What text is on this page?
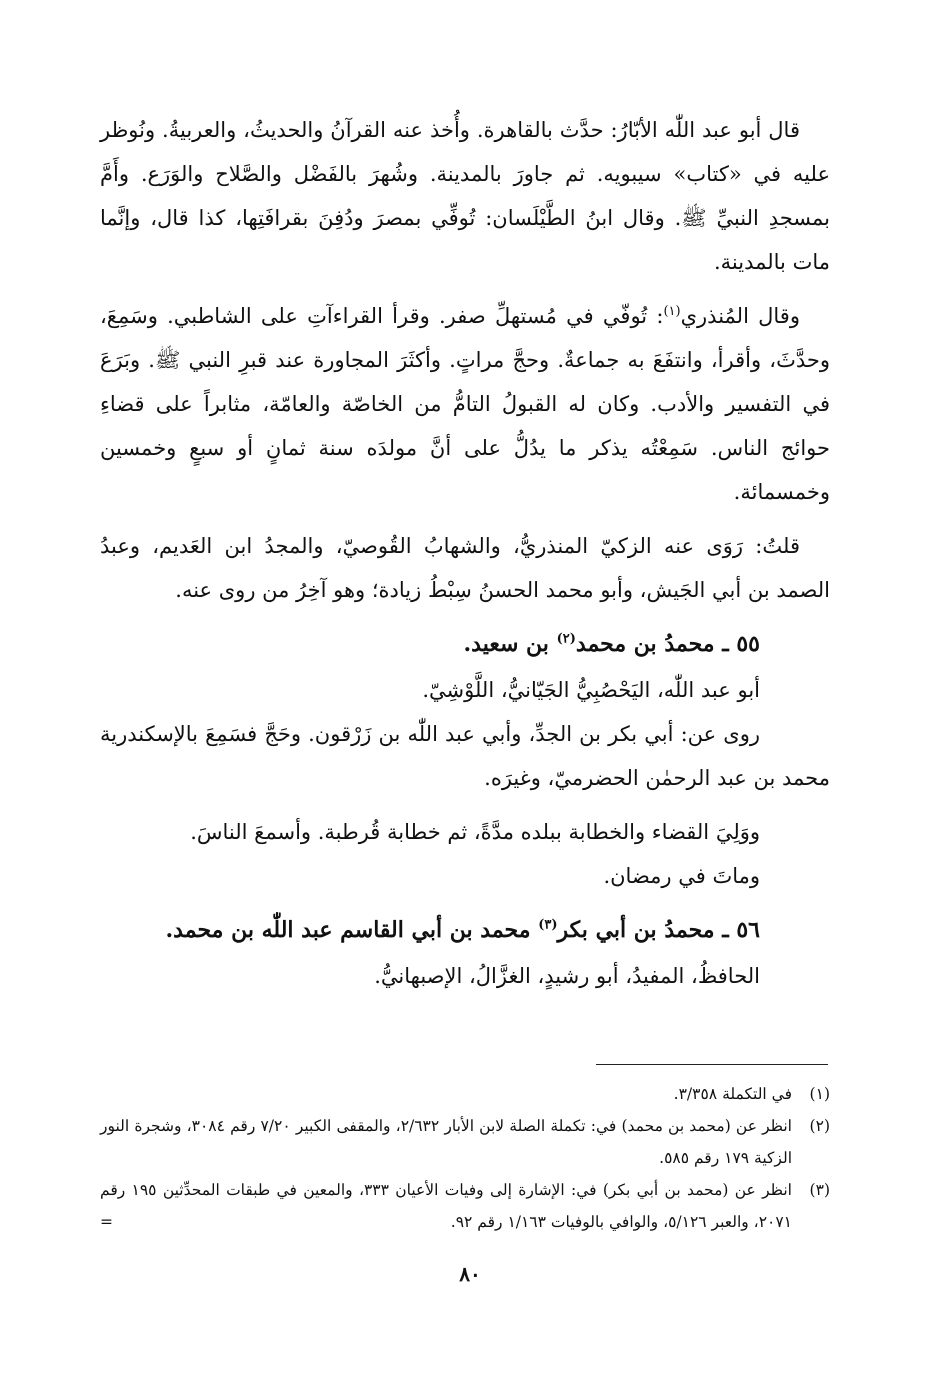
قال أبو عبد اللّٰه الأبّارُ: حدَّث بالقاهرة. وأُخذ عنه القرآنُ والحديثُ، والعربيةُ. ونُوظر عليه في «كتاب» سيبويه. ثم جاورَ بالمدينة. وشُهرَ بالفَضْل والصَّلاح والوَرَع. وأَمَّ بمسجدِ النبيِّ ﷺ. وقال ابنُ الطَّيْلَسان: تُوفِّي بمصرَ ودُفِنَ بقرافَتِها، كذا قال، وإنَّما مات بالمدينة.

وقال المُنذري$^{(١)}$: تُوفّي في مُستهلِّ صفر. وقرأ القراءآتِ على الشاطبي. وسَمِعَ، وحدَّثَ، وأقرأ، وانتفَعَ به جماعةٌ. وحجَّ مراتٍ. وأكثَرَ المجاورة عند قبرِ النبي ﷺ. وبَرَعَ في التفسير والأدب. وكان له القبولُ التامُّ من الخاصّة والعامّة، مثابراً على قضاءِ حوائج الناس. سَمِعْتُه يذكر ما يدُلُّ على أنَّ مولدَه سنة ثمانٍ أو سبعٍ وخمسين وخمسمائة.

قلتُ: رَوَى عنه الزكيّ المنذريُّ، والشهابُ القُوصيّ، والمجدُ ابن العَديم، وعبدُ الصمد بن أبي الجَيش، وأبو محمد الحسنُ سِبْطُ زيادة؛ وهو آخِرُ من روى عنه.

٥٥ ـ محمدُ بن محمد$^{(٢)}$ بن سعيد.

أبو عبد اللّٰه، اليَحْصُبِيُّ الجَيّانيُّ، اللَّوْشِيّ.

روى عن: أبي بكر بن الجدِّ، وأبي عبد اللّٰه بن زَرْقون. وحَجَّ فسَمِعَ بالإسكندرية محمد بن عبد الرحمٰن الحضرميّ، وغيرَه.

ووَلِيَ القضاء والخطابة ببلده مدَّةً، ثم خطابة قُرطبة. وأسمعَ الناسَ.

وماتَ في رمضان.

٥٦ ـ محمدُ بن أبي بكر$^{(٣)}$ محمد بن أبي القاسم عبد اللّٰه بن محمد.

الحافظُ، المفيدُ، أبو رشيدٍ، الغزَّالُ، الإصبهانيُّ.

(١)
في التكملة ٣/٣٥٨.

(٢)
انظر عن (محمد بن محمد) في: تكملة الصلة لابن الأبار ٢/٦٣٢، والمقفى الكبير ٧/٢٠ رقم ٣٠٨٤، وشجرة النور الزكية ١٧٩ رقم ٥٨٥.

(٣)
انظر عن (محمد بن أبي بكر) في: الإشارة إلى وفيات الأعيان ٣٣٣، والمعين في طبقات المحدِّثين ١٩٥ رقم ٢٠٧١، والعبر ٥/١٢٦، والوافي بالوفيات ١/١٦٣ رقم ٩٢.
=

٨٠
